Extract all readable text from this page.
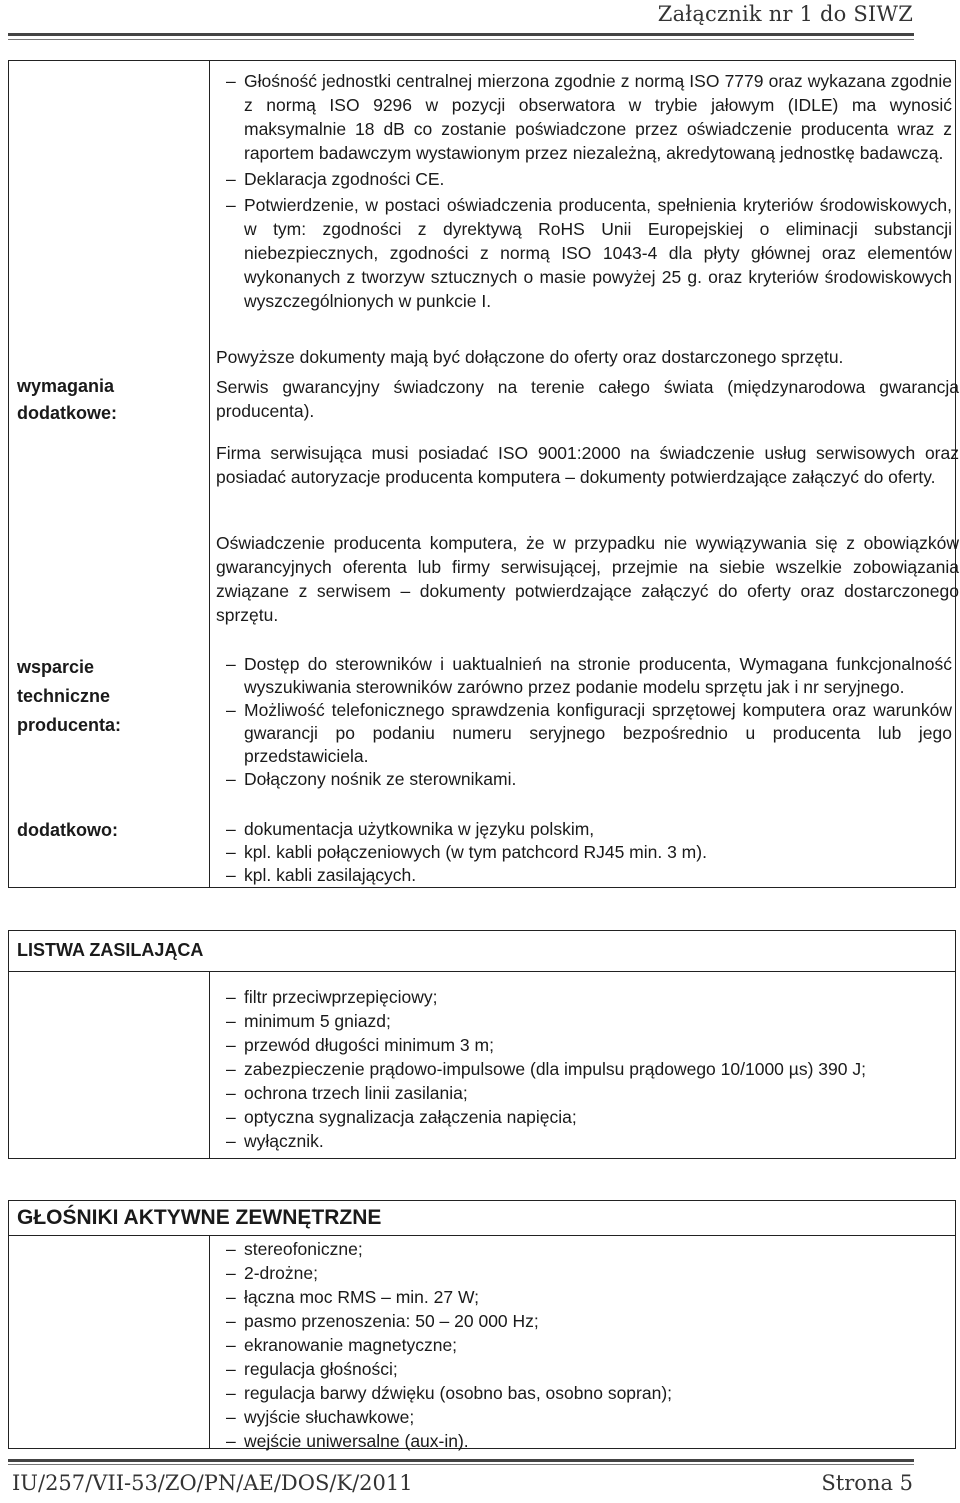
Załącznik nr 1 do SIWZ
– Głośność jednostki centralnej mierzona zgodnie z normą ISO 7779 oraz wykazana zgodnie z normą ISO 9296 w pozycji obserwatora w trybie jałowym (IDLE) ma wynosić maksymalnie 18 dB co zostanie poświadczone przez oświadczenie producenta wraz z raportem badawczym wystawionym przez niezależną, akredytowaną jednostkę badawczą.
– Deklaracja zgodności CE.
– Potwierdzenie, w postaci oświadczenia producenta, spełnienia kryteriów środowiskowych, w tym: zgodności z dyrektywą RoHS Unii Europejskiej o eliminacji substancji niebezpiecznych, zgodności z normą ISO 1043-4 dla płyty głównej oraz elementów wykonanych z tworzyw sztucznych o masie powyżej 25 g. oraz kryteriów środowiskowych wyszczególnionych w punkcie I.
Powyższe dokumenty mają być dołączone do oferty oraz dostarczonego sprzętu.
wymagania dodatkowe:
Serwis gwarancyjny świadczony na terenie całego świata (międzynarodowa gwarancja producenta).
Firma serwisująca musi posiadać ISO 9001:2000 na świadczenie usług serwisowych oraz posiadać autoryzacje producenta komputera – dokumenty potwierdzające załączyć do oferty.
Oświadczenie producenta komputera, że w przypadku nie wywiązywania się z obowiązków gwarancyjnych oferenta lub firmy serwisującej, przejmie na siebie wszelkie zobowiązania związane z serwisem – dokumenty potwierdzające załączyć do oferty oraz dostarczonego sprzętu.
wsparcie techniczne producenta:
– Dostęp do sterowników i uaktualnień na stronie producenta, Wymagana funkcjonalność wyszukiwania sterowników zarówno przez podanie modelu sprzętu jak i nr seryjnego.
– Możliwość telefonicznego sprawdzenia konfiguracji sprzętowej komputera oraz warunków gwarancji po podaniu numeru seryjnego bezpośrednio u producenta lub jego przedstawiciela.
– Dołączony nośnik ze sterownikami.
dodatkowo:
–	dokumentacja użytkownika w języku polskim,
– kpl. kabli połączeniowych (w tym patchcord RJ45 min. 3 m).
– kpl. kabli zasilających.
LISTWA ZASILAJĄCA
– filtr przeciwprzepięciowy;
– minimum 5 gniazd;
– przewód długości minimum 3 m;
– zabezpieczenie prądowo-impulsowe (dla impulsu prądowego 10/1000 µs) 390 J;
– ochrona trzech linii zasilania;
– optyczna sygnalizacja załączenia napięcia;
– wyłącznik.
GŁOŚNIKI AKTYWNE ZEWNĘTRZNE
– stereofoniczne;
– 2-drożne;
– łączna moc RMS – min. 27 W;
– pasmo przenoszenia: 50 – 20 000 Hz;
– ekranowanie magnetyczne;
– regulacja głośności;
– regulacja barwy dźwięku (osobno bas, osobno sopran);
– wyjście słuchawkowe;
– wejście uniwersalne (aux-in).
IU/257/VII-53/ZO/PN/AE/DOS/K/2011	Strona 5
